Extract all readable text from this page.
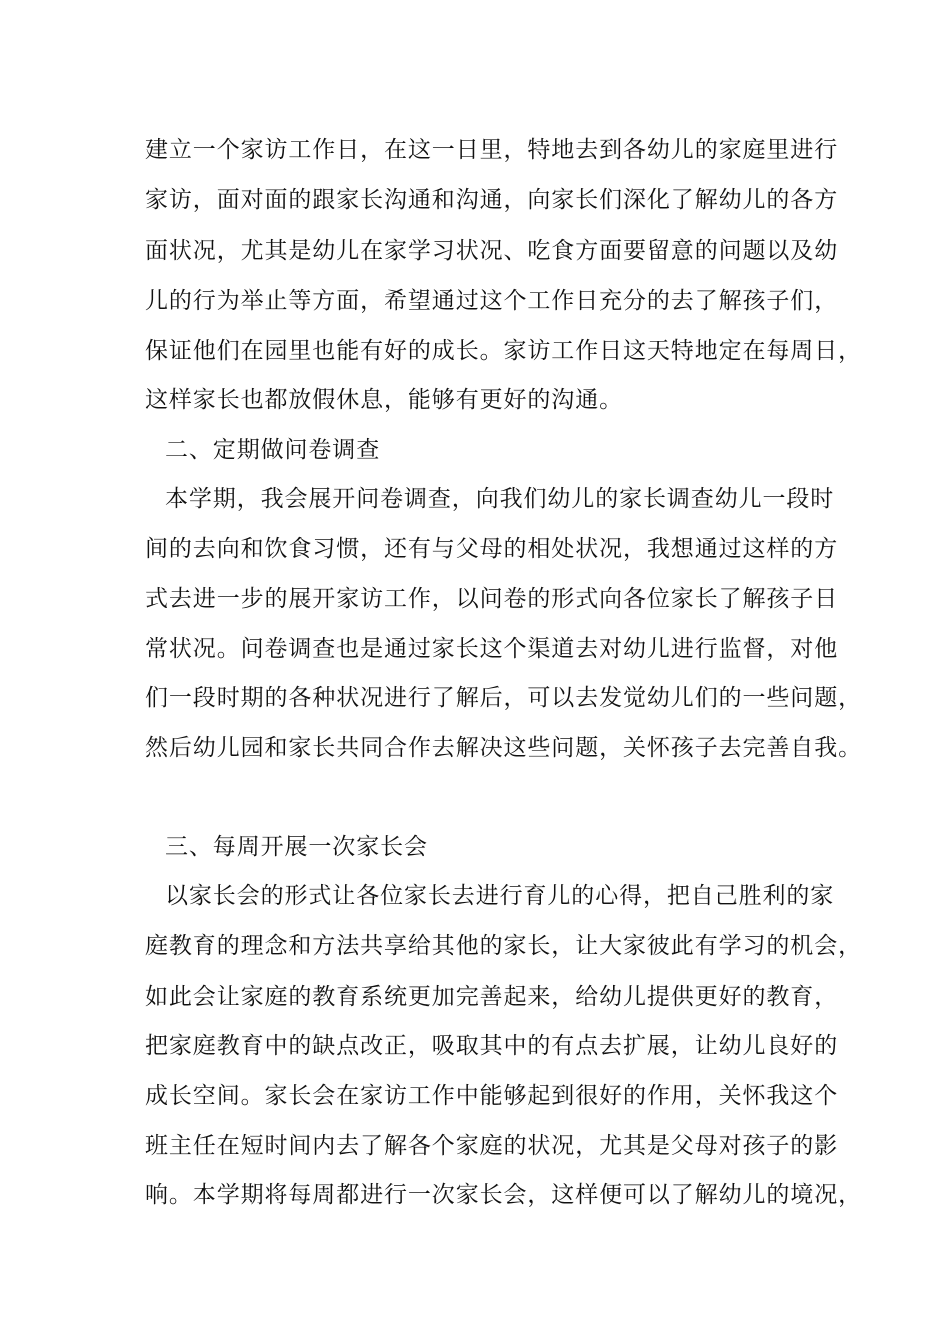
建立一个家访工作日，在这一日里，特地去到各幼儿的家庭里进行
家访，面对面的跟家长沟通和沟通，向家长们深化了解幼儿的各方
面状况，尤其是幼儿在家学习状况、吃食方面要留意的问题以及幼
儿的行为举止等方面，希望通过这个工作日充分的去了解孩子们，
保证他们在园里也能有好的成长。家访工作日这天特地定在每周日，
这样家长也都放假休息，能够有更好的沟通。
二、定期做问卷调查
本学期，我会展开问卷调查，向我们幼儿的家长调查幼儿一段时
间的去向和饮食习惯，还有与父母的相处状况，我想通过这样的方
式去进一步的展开家访工作，以问卷的形式向各位家长了解孩子日
常状况。问卷调查也是通过家长这个渠道去对幼儿进行监督，对他
们一段时期的各种状况进行了解后，可以去发觉幼儿们的一些问题，
然后幼儿园和家长共同合作去解决这些问题，关怀孩子去完善自我。
三、每周开展一次家长会
以家长会的形式让各位家长去进行育儿的心得，把自己胜利的家
庭教育的理念和方法共享给其他的家长，让大家彼此有学习的机会，
如此会让家庭的教育系统更加完善起来，给幼儿提供更好的教育，
把家庭教育中的缺点改正，吸取其中的有点去扩展，让幼儿良好的
成长空间。家长会在家访工作中能够起到很好的作用，关怀我这个
班主任在短时间内去了解各个家庭的状况，尤其是父母对孩子的影
响。本学期将每周都进行一次家长会，这样便可以了解幼儿的境况，
